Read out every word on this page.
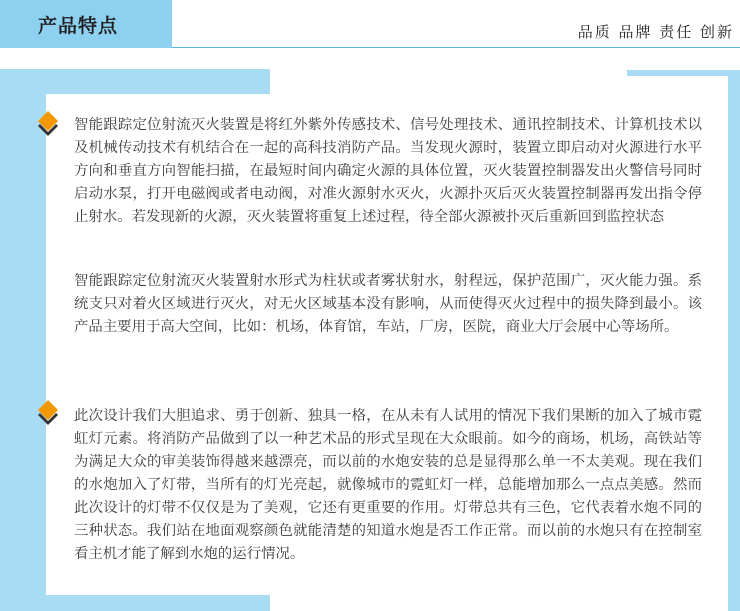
产品特点	品质 品牌 责任 创新

智能跟踪定位射流灭火装置是将红外紫外传感技术、信号处理技术、通讯控制技术、计算机技术以及机械传动技术有机结合在一起的高科技消防产品。当发现火源时，装置立即启动对火源进行水平方向和垂直方向智能扫描，在最短时间内确定火源的具体位置，灭火装置控制器发出火警信号同时启动水泵，打开电磁阀或者电动阀，对准火源射水灭火，火源扑灭后灭火装置控制器再发出指令停止射水。若发现新的火源，灭火装置将重复上述过程，待全部火源被扑灭后重新回到监控状态

智能跟踪定位射流灭火装置射水形式为柱状或者雾状射水，射程远，保护范围广，灭火能力强。系统支只对着火区域进行灭火，对无火区域基本没有影响，从而使得灭火过程中的损失降到最小。该产品主要用于高大空间，比如：机场，体育馆，车站，厂房，医院，商业大厅会展中心等场所。

此次设计我们大胆追求、勇于创新、独具一格，在从未有人试用的情况下我们果断的加入了城市霓虹灯元素。将消防产品做到了以一种艺术品的形式呈现在大众眼前。如今的商场，机场，高铁站等为满足大众的审美装饰得越来越漂亮，而以前的水炮安装的总是显得那么单一不太美观。现在我们的水炮加入了灯带，当所有的灯光亮起，就像城市的霓虹灯一样，总能增加那么一点点美感。然而此次设计的灯带不仅仅是为了美观，它还有更重要的作用。灯带总共有三色，它代表着水炮不同的三种状态。我们站在地面观察颜色就能清楚的知道水炮是否工作正常。而以前的水炮只有在控制室看主机才能了解到水炮的运行情况。
